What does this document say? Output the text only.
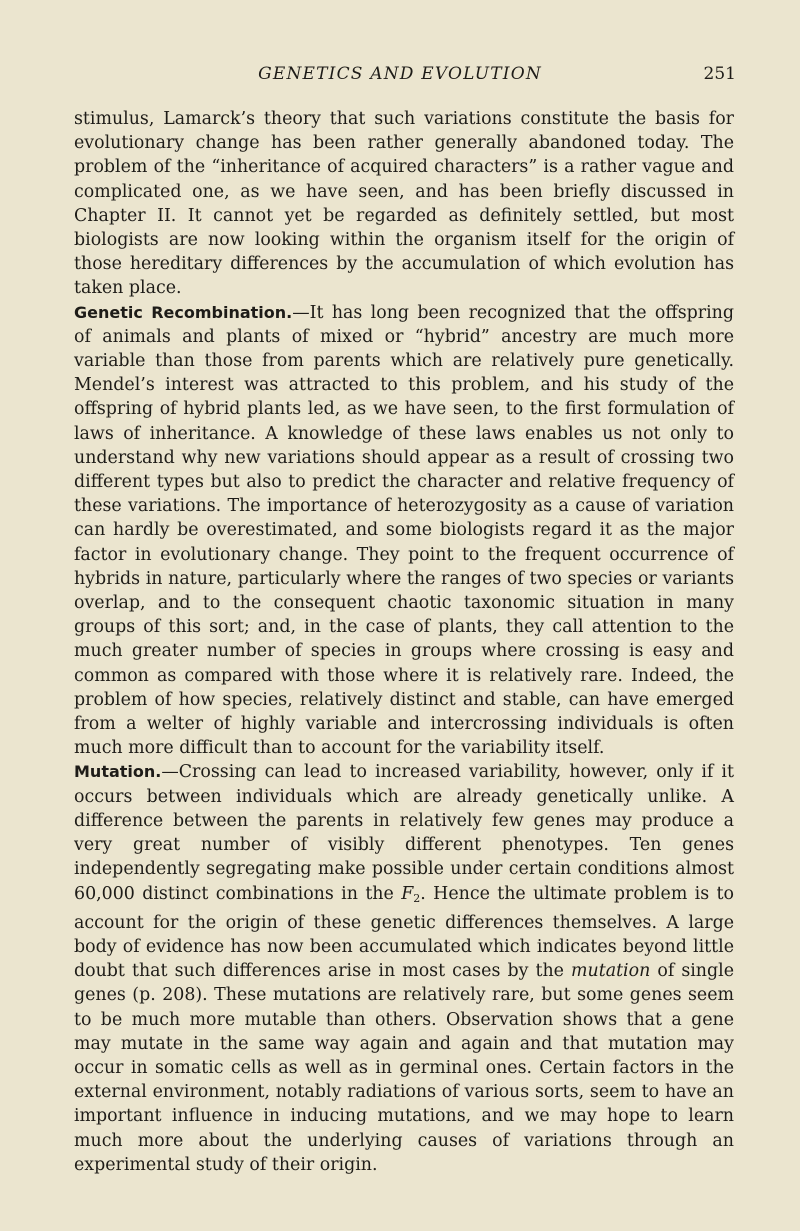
GENETICS AND EVOLUTION	251

stimulus, Lamarck’s theory that such variations constitute the basis for evolutionary change has been rather generally abandoned today. The problem of the “inheritance of acquired characters” is a rather vague and complicated one, as we have seen, and has been briefly discussed in Chapter II. It cannot yet be regarded as definitely settled, but most biologists are now looking within the organism itself for the origin of those hereditary differences by the accumulation of which evolution has taken place.

Genetic Recombination.—It has long been recognized that the offspring of animals and plants of mixed or “hybrid” ancestry are much more variable than those from parents which are relatively pure genetically. Mendel’s interest was attracted to this problem, and his study of the offspring of hybrid plants led, as we have seen, to the first formulation of laws of inheritance. A knowledge of these laws enables us not only to understand why new variations should appear as a result of crossing two different types but also to predict the character and relative frequency of these variations. The importance of heterozygosity as a cause of variation can hardly be overestimated, and some biologists regard it as the major factor in evolutionary change. They point to the frequent occurrence of hybrids in nature, particularly where the ranges of two species or variants overlap, and to the consequent chaotic taxonomic situation in many groups of this sort; and, in the case of plants, they call attention to the much greater number of species in groups where crossing is easy and common as compared with those where it is relatively rare. Indeed, the problem of how species, relatively distinct and stable, can have emerged from a welter of highly variable and intercrossing individuals is often much more difficult than to account for the variability itself.

Mutation.—Crossing can lead to increased variability, however, only if it occurs between individuals which are already genetically unlike. A difference between the parents in relatively few genes may produce a very great number of visibly different phenotypes. Ten genes independently segregating make possible under certain conditions almost 60,000 distinct combinations in the $F_2$. Hence the ultimate problem is to account for the origin of these genetic differences themselves. A large body of evidence has now been accumulated which indicates beyond little doubt that such differences arise in most cases by the mutation of single genes (p. 208). These mutations are relatively rare, but some genes seem to be much more mutable than others. Observation shows that a gene may mutate in the same way again and again and that mutation may occur in somatic cells as well as in germinal ones. Certain factors in the external environment, notably radiations of various sorts, seem to have an important influence in inducing mutations, and we may hope to learn much more about the underlying causes of variations through an experimental study of their origin.
